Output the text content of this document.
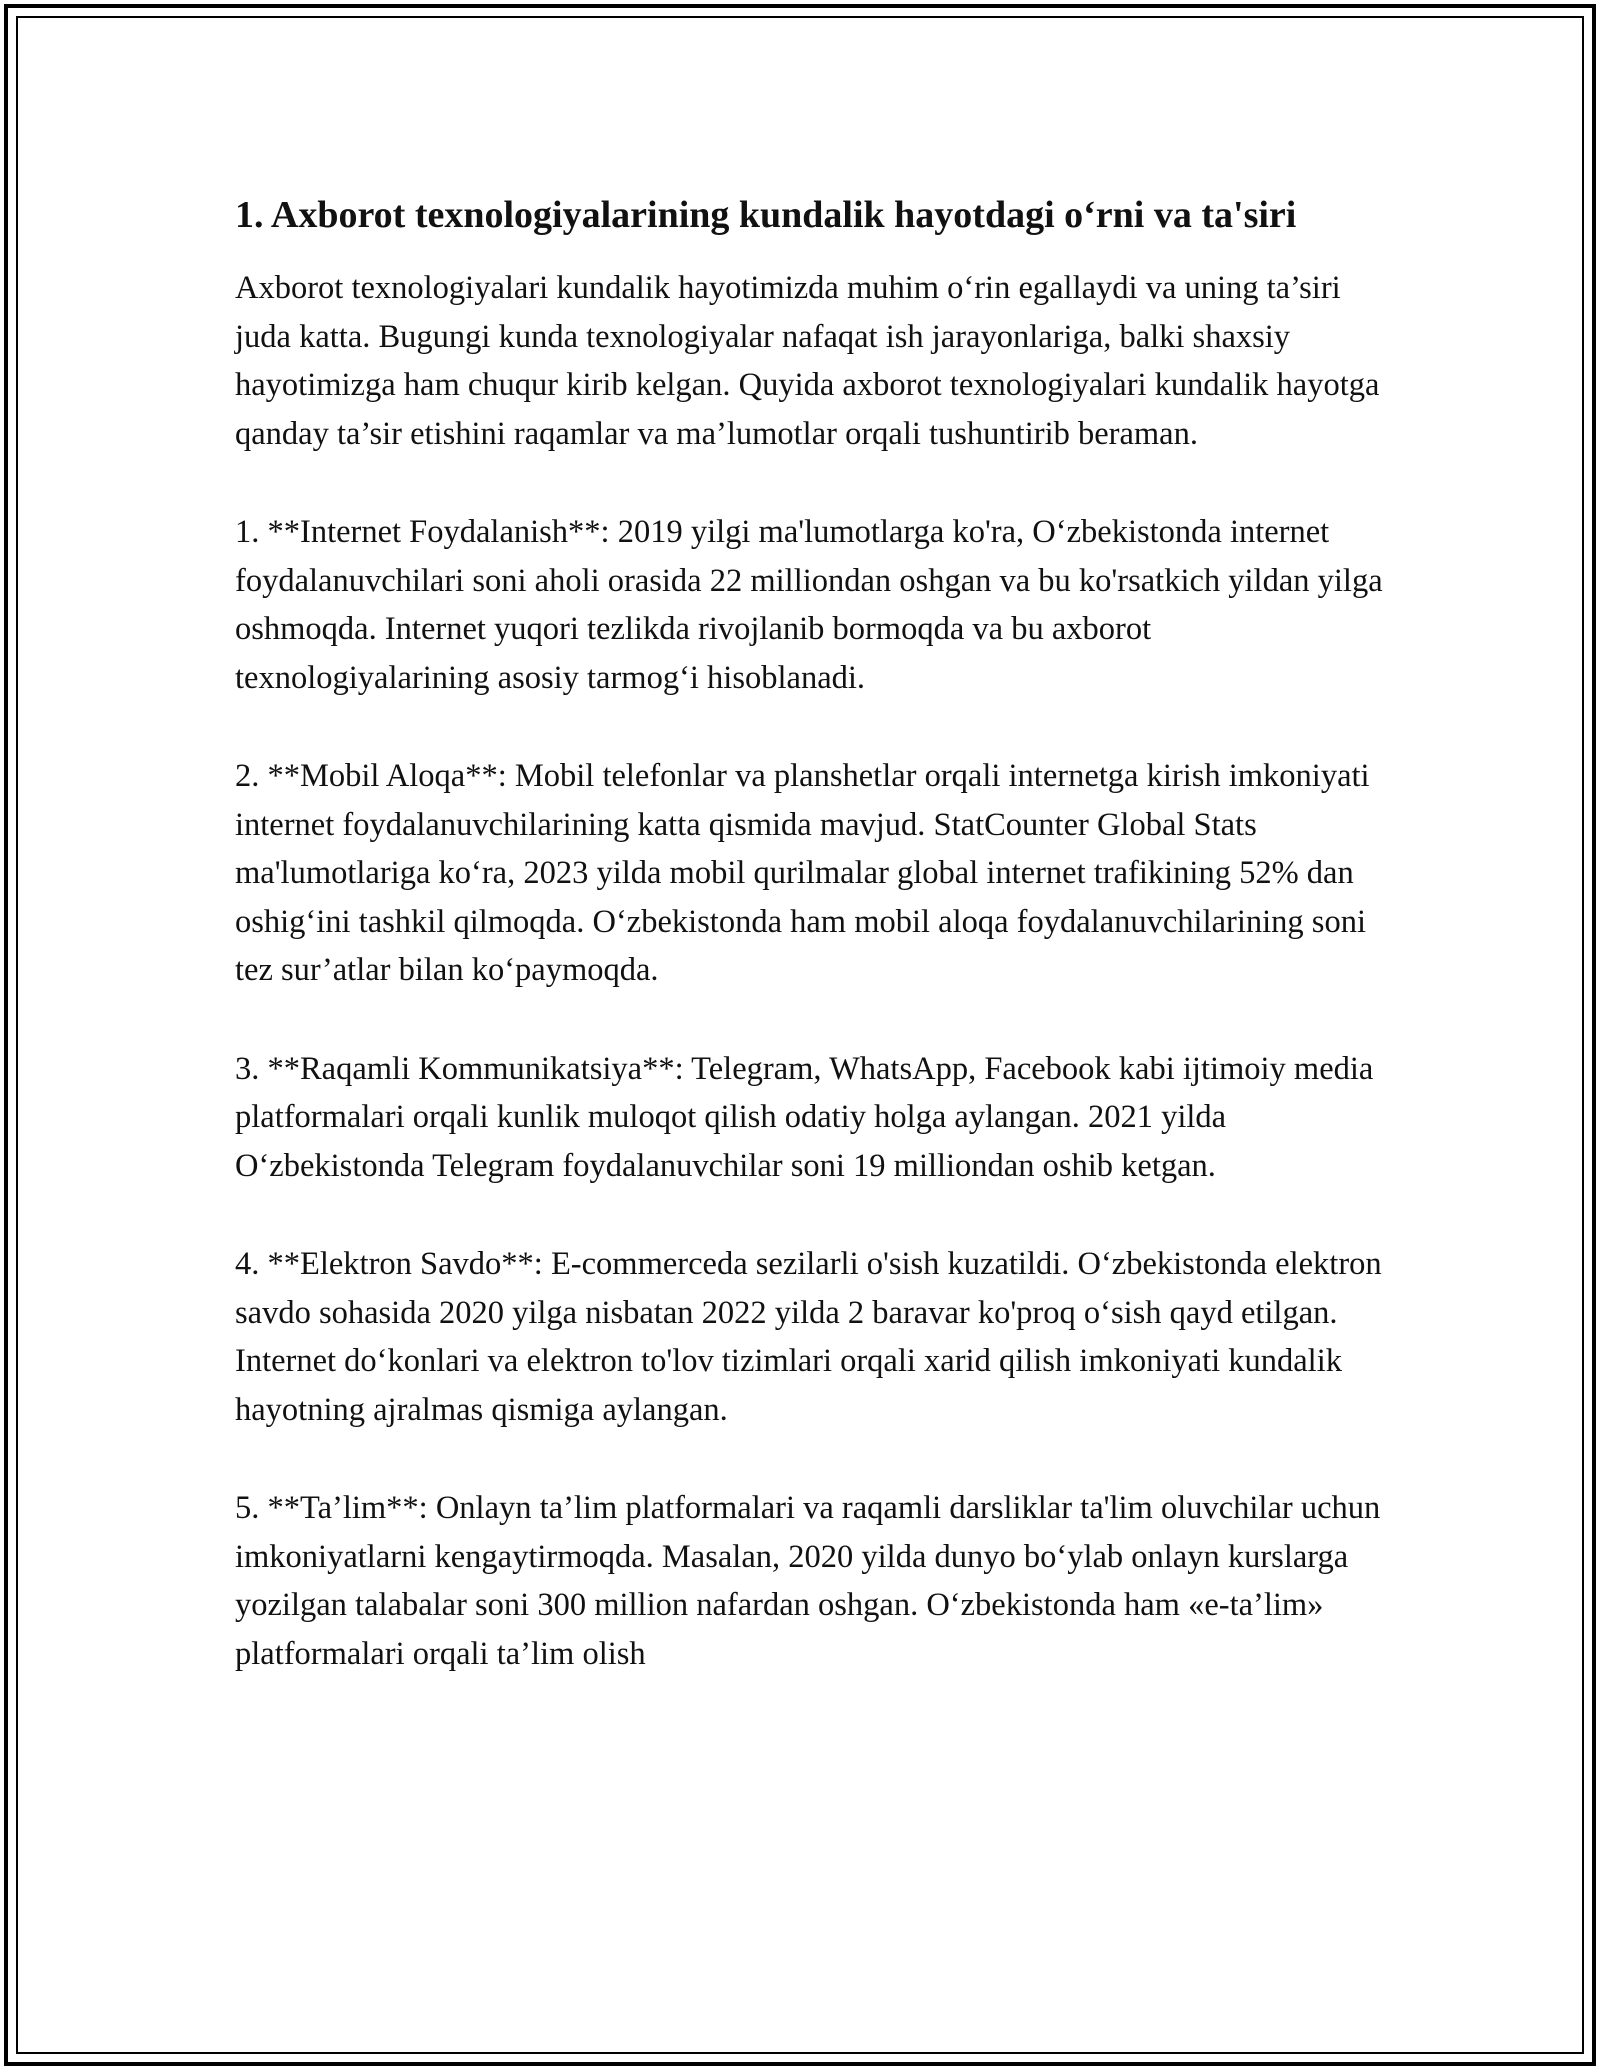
1. Axborot texnologiyalarining kundalik hayotdagi o‘rni va ta'siri

Axborot texnologiyalari kundalik hayotimizda muhim o‘rin egallaydi va uning ta’siri juda katta. Bugungi kunda texnologiyalar nafaqat ish jarayonlariga, balki shaxsiy hayotimizga ham chuqur kirib kelgan. Quyida axborot texnologiyalari kundalik hayotga qanday ta’sir etishini raqamlar va ma’lumotlar orqali tushuntirib beraman.

1. **Internet Foydalanish**: 2019 yilgi ma'lumotlarga ko'ra, O‘zbekistonda internet foydalanuvchilari soni aholi orasida 22 milliondan oshgan va bu ko'rsatkich yildan yilga oshmoqda. Internet yuqori tezlikda rivojlanib bormoqda va bu axborot texnologiyalarining asosiy tarmog‘i hisoblanadi.

2. **Mobil Aloqa**: Mobil telefonlar va planshetlar orqali internetga kirish imkoniyati internet foydalanuvchilarining katta qismida mavjud. StatCounter Global Stats ma'lumotlariga ko‘ra, 2023 yilda mobil qurilmalar global internet trafikining 52% dan oshig‘ini tashkil qilmoqda. O‘zbekistonda ham mobil aloqa foydalanuvchilarining soni tez sur’atlar bilan ko‘paymoqda.

3. **Raqamli Kommunikatsiya**: Telegram, WhatsApp, Facebook kabi ijtimoiy media platformalari orqali kunlik muloqot qilish odatiy holga aylangan. 2021 yilda O‘zbekistonda Telegram foydalanuvchilar soni 19 milliondan oshib ketgan.

4. **Elektron Savdo**: E-commerceda sezilarli o'sish kuzatildi. O‘zbekistonda elektron savdo sohasida 2020 yilga nisbatan 2022 yilda 2 baravar ko'proq o‘sish qayd etilgan. Internet do‘konlari va elektron to'lov tizimlari orqali xarid qilish imkoniyati kundalik hayotning ajralmas qismiga aylangan.

5. **Ta’lim**: Onlayn ta’lim platformalari va raqamli darsliklar ta'lim oluvchilar uchun imkoniyatlarni kengaytirmoqda. Masalan, 2020 yilda dunyo bo‘ylab onlayn kurslarga yozilgan talabalar soni 300 million nafardan oshgan. O‘zbekistonda ham «e-ta’lim» platformalari orqali ta’lim olish
